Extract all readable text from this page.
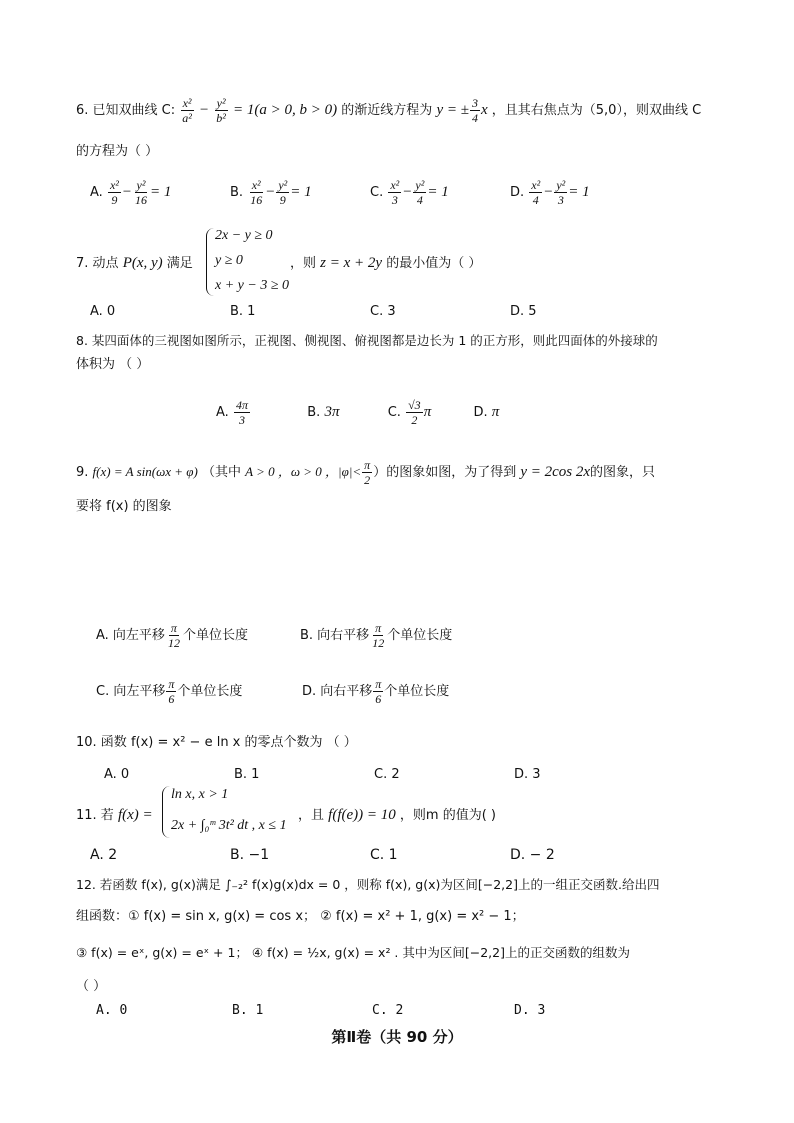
6. 已知双曲线 C: $\frac{\text{x²}}{\text{a²}} - \frac{\text{y²}}{\text{b²}} = 1(a > 0$, b > 0) 的渐近线方程为 y = ± $\frac{3}{4}$ x ，且其右焦点为（5,0），则双曲线 C
的方程为（ ）
A. $\frac{\text{x²}}{9} - \frac{\text{y²}}{16} = 1$	B. $\frac{\text{x²}}{16} - \frac{\text{y²}}{9} = 1$	C. $\frac{\text{x²}}{3} - \frac{\text{y²}}{4} = 1$	D. $\frac{\text{x²}}{4} - \frac{\text{y²}}{3} = 1$
7. 动点 P(x, y) 满足
2x − y ≥ 0
y ≥ 0
x + y − 3 ≥ 0
，则 z = x + 2y 的最小值为（ ）
A. 0	B. 1	C. 3	D. 5
8. 某四面体的三视图如图所示，正视图、侧视图、俯视图都是边长为 1 的正方形，则此四面体的外接球的
体积为 （ ）
A. $\frac{4\pi}{3}$	B. 3π	C. $\frac{√3}{2}$ π	D. π
9. f(x) = A sin(ωx + φ) （其中 A > 0 ，ω > 0 ，$|\varphi|< \frac{\pi}{2}$ ）的图象如图，为了得到 y = 2cos 2x的图象，只
要将 f(x) 的图象
A. 向左平移 $\frac{\pi}{12}$ 个单位长度	B. 向右平移 $\frac{\pi}{12}$ 个单位长度
C. 向左平移 $\frac{\pi}{6}$ 个单位长度	D. 向右平移 $\frac{\pi}{6}$ 个单位长度
10. 函数 f(x) = x² − e ln x 的零点个数为 （ ）
A. 0	B. 1	C. 2	D. 3
11. 若 f(x) =
ln x, x > 1
2x + ∫₀ᵐ 3t² dt , x ≤ 1
，且 f(f(e)) = 10 ，则m 的值为( )
A. 2	B. −1	C. 1	D. − 2
12. 若函数 f(x), g(x)满足 ∫₋₂² f(x)g(x)dx = 0 ，则称 f(x), g(x)为区间[−2,2]上的一组正交函数.给出四
组函数：① f(x) = sin x, g(x) = cos x； ② f(x) = x² + 1, g(x) = x² − 1；
③ f(x) = eˣ, g(x) = eˣ + 1； ④ f(x) = ½x, g(x) = x² . 其中为区间[−2,2]上的正交函数的组数为
（ ）
A. 0	B. 1	C. 2	D. 3
第Ⅱ卷（共 90 分）
